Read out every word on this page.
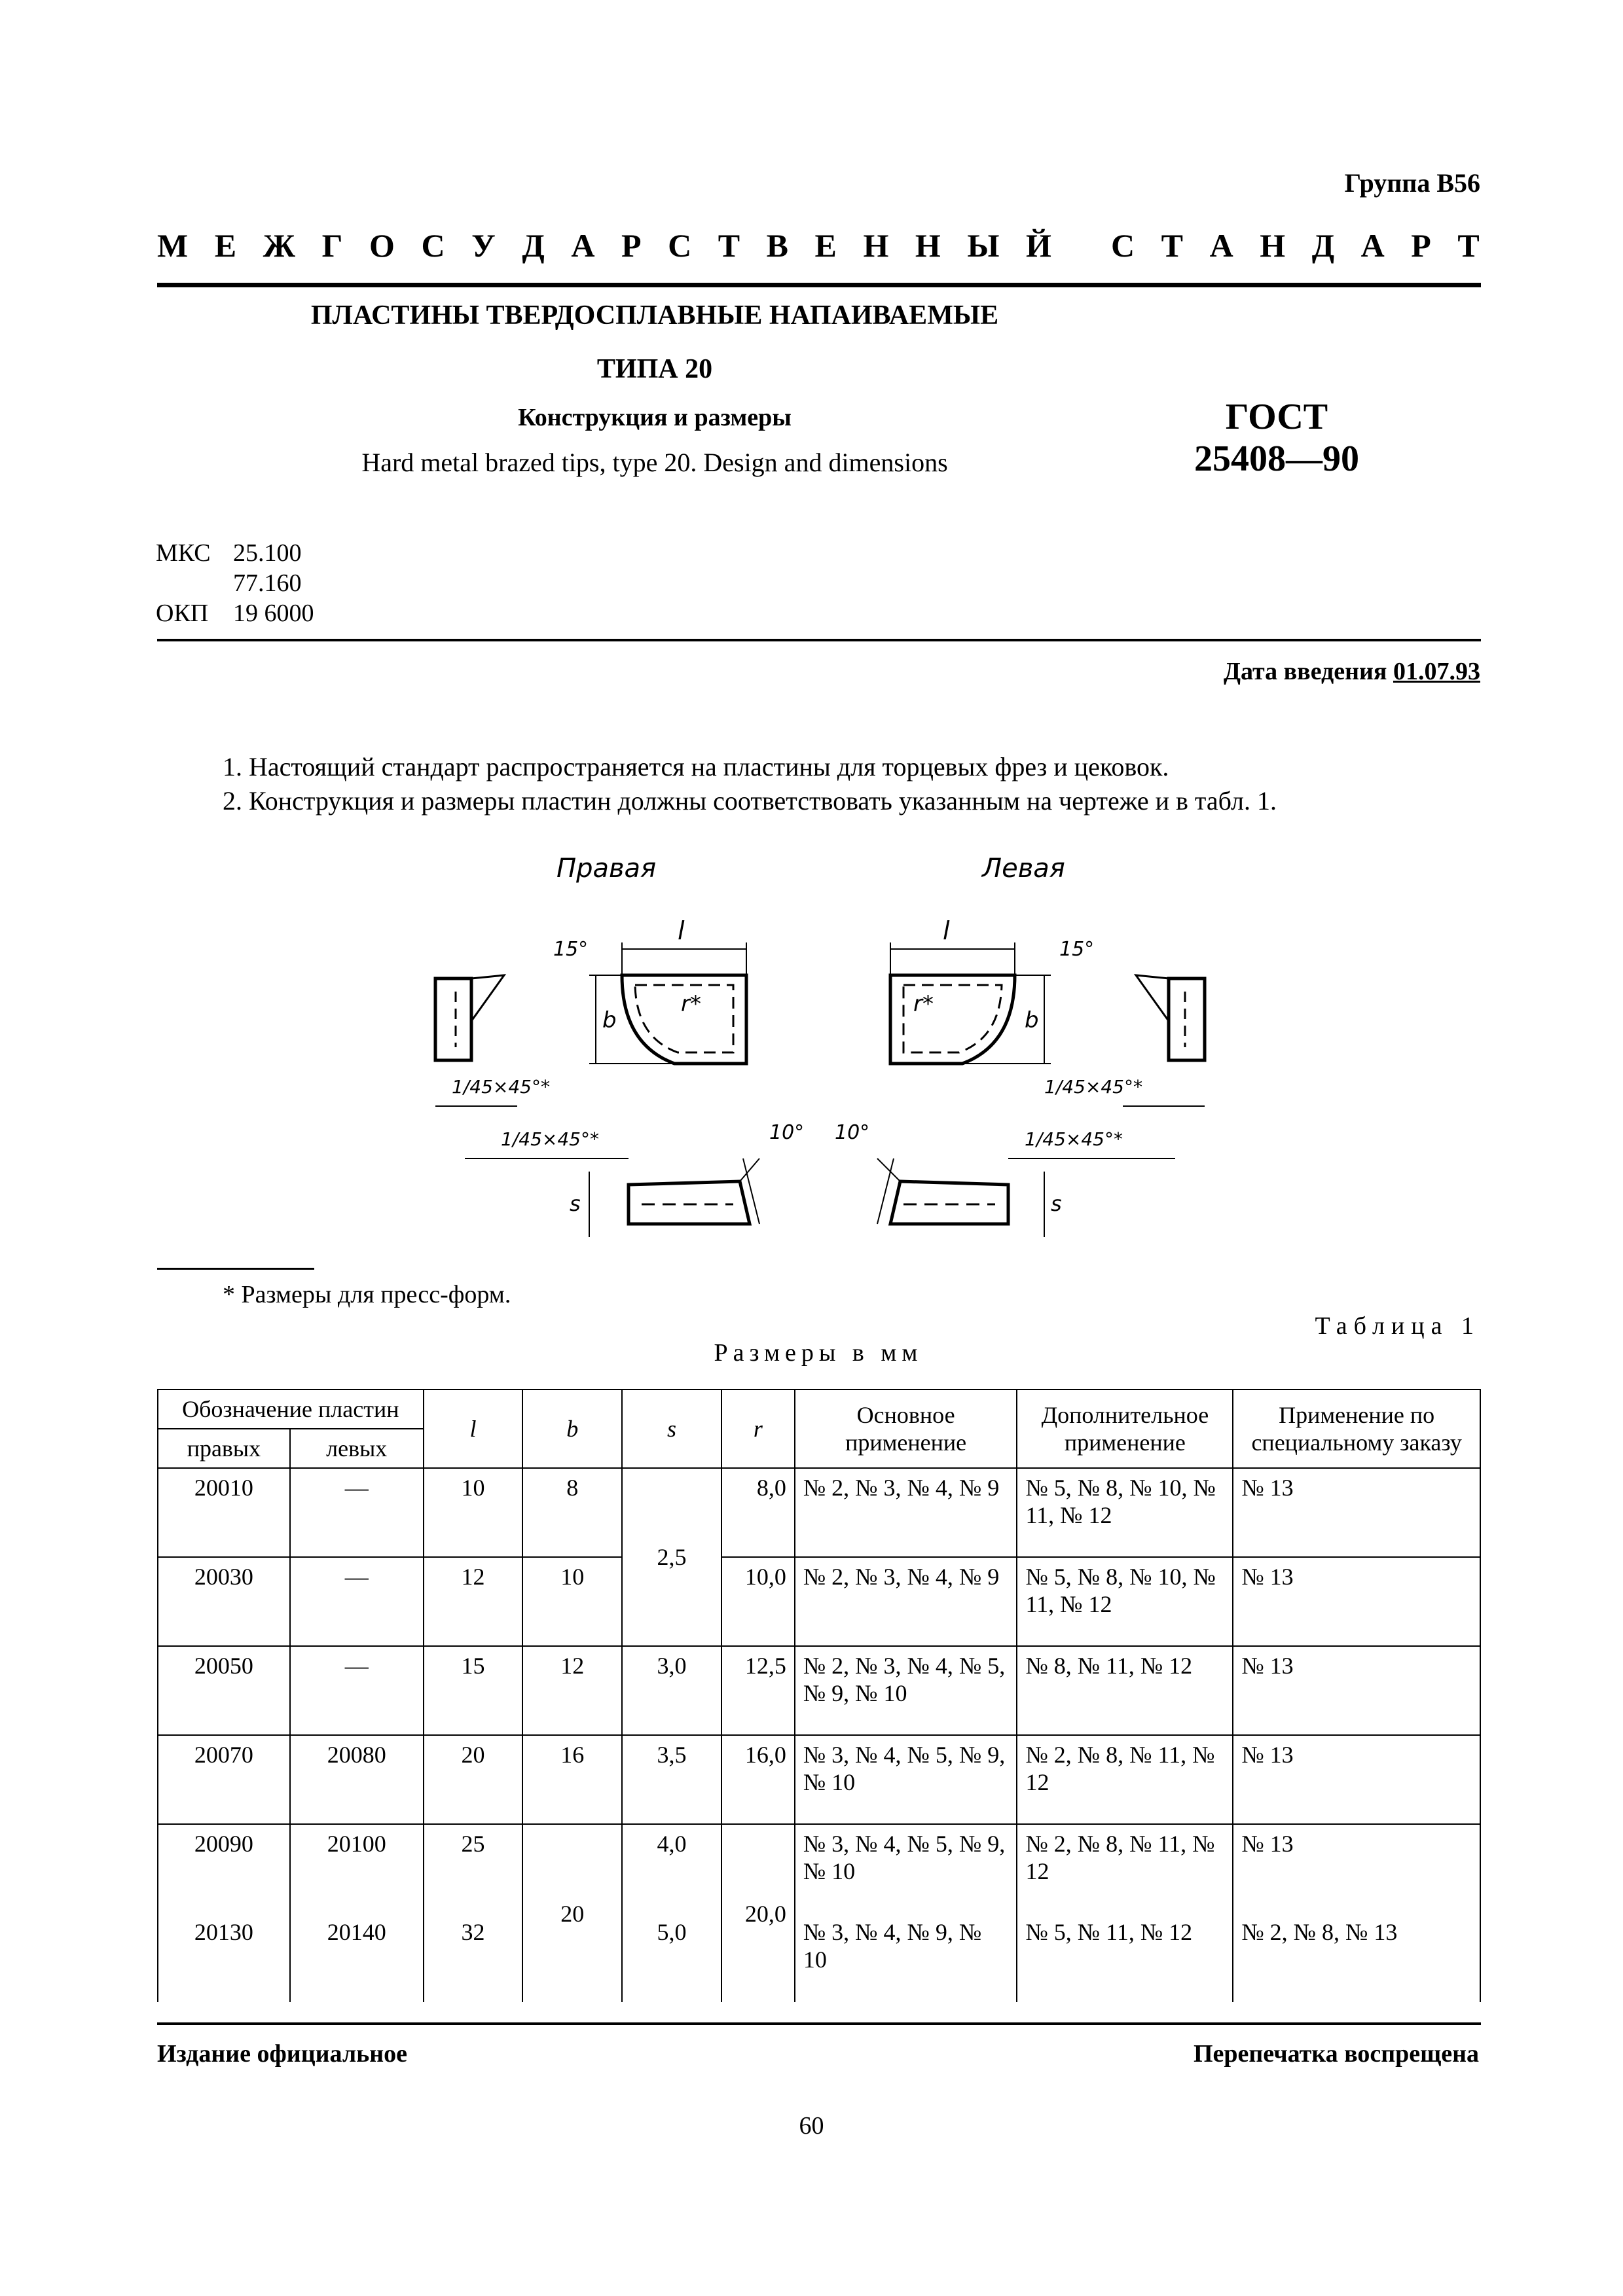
Группа В56
М Е Ж Г О С У Д А Р С Т В Е Н Н Ы Й С Т А Н Д А Р Т
ПЛАСТИНЫ ТВЕРДОСПЛАВНЫЕ НАПАИВАЕМЫЕ
ТИПА 20
Конструкция и размеры
Hard metal brazed tips, type 20. Design and dimensions
ГОСТ
25408—90
МКС 25.100
77.160
ОКП 19 6000
Дата введения 01.07.93
1. Настоящий стандарт распространяется на пластины для торцевых фрез и цековок.
2. Конструкция и размеры пластин должны соответствовать указанным на чертеже и в табл. 1.
Правая	Левая
l	l
b	b
r*	r*
15°	15°
10° 10°
1/45×45°*
1/45×45°*
1/45×45°*
1/45×45°*
s	s
* Размеры для пресс-форм.
Таблица 1
Размеры в мм
Обозначение пластин		l	b	s	r	Основное применение	Дополнительное применение	Применение по специальному заказу
правых	левых							
20010	—	10	8	2,5	8,0	№ 2, № 3, № 4, № 9	№ 5, № 8, № 10, № 11, № 12	№ 13
20030	—	12	10		10,0	№ 2, № 3, № 4, № 9	№ 5, № 8, № 10, № 11, № 12	№ 13
20050	—	15	12	3,0	12,5	№ 2, № 3, № 4, № 5, № 9, № 10	№ 8, № 11, № 12	№ 13
20070	20080	20	16	3,5	16,0	№ 3, № 4, № 5, № 9, № 10	№ 2, № 8, № 11, № 12	№ 13
20090	20100	25	20	4,0	20,0	№ 3, № 4, № 5, № 9, № 10	№ 2, № 8, № 11, № 12	№ 13
20130	20140	32		5,0		№ 3, № 4, № 9, № 10	№ 5, № 11, № 12	№ 2, № 8, № 13
Издание официальное	Перепечатка воспрещена
60
